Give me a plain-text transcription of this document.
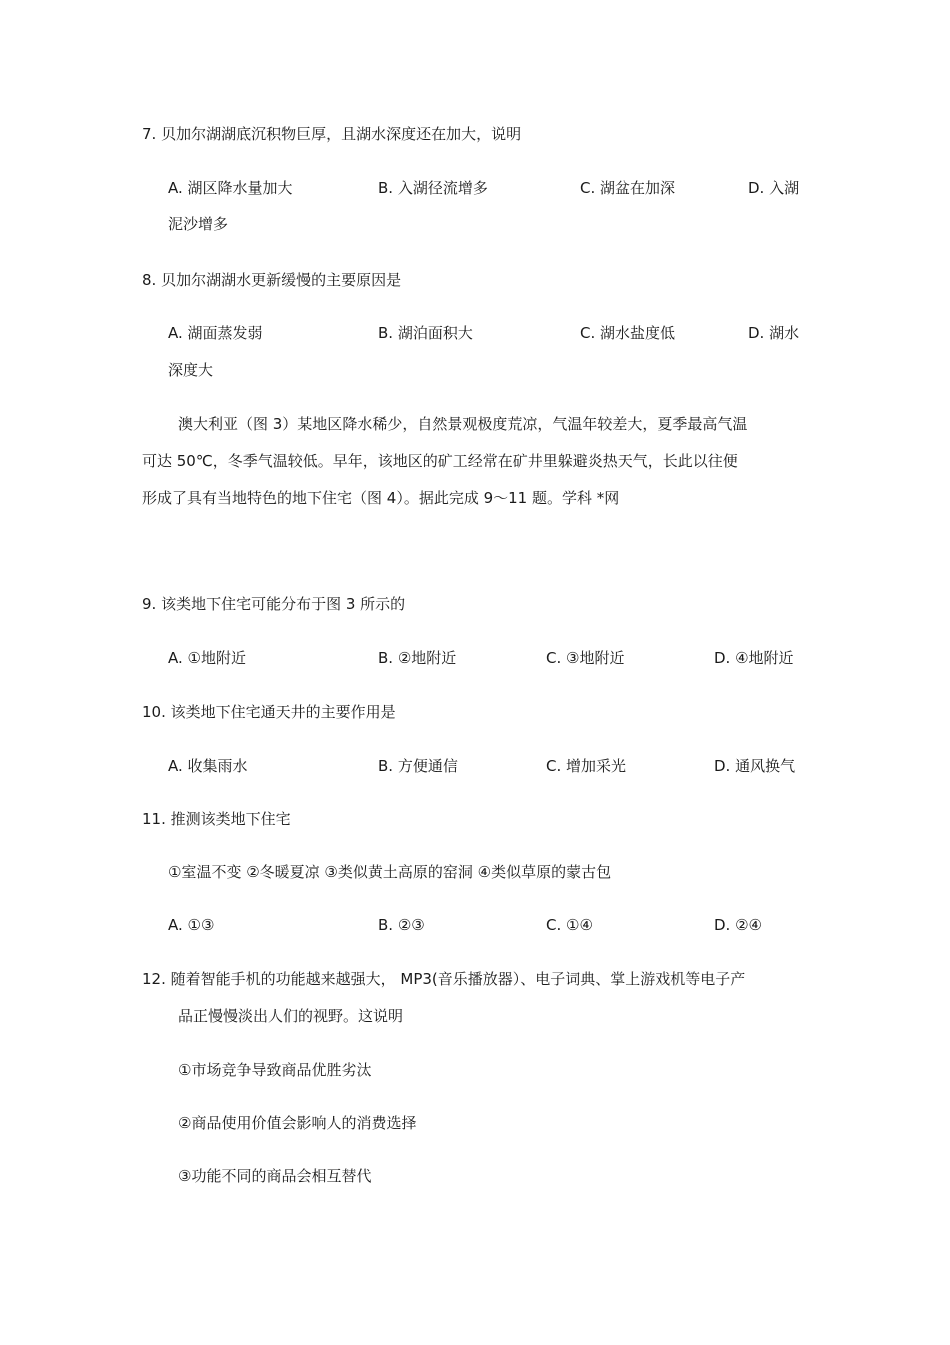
7. 贝加尔湖湖底沉积物巨厚，且湖水深度还在加大，说明
A. 湖区降水量加大	B. 入湖径流增多	C. 湖盆在加深	D. 入湖
泥沙增多
8. 贝加尔湖湖水更新缓慢的主要原因是
A. 湖面蒸发弱	B. 湖泊面积大	C. 湖水盐度低	D. 湖水
深度大
澳大利亚（图 3）某地区降水稀少，自然景观极度荒凉，气温年较差大，夏季最高气温
可达 50℃，冬季气温较低。早年，该地区的矿工经常在矿井里躲避炎热天气，长此以往便
形成了具有当地特色的地下住宅（图 4）。据此完成 9～11 题。学科 *网
9. 该类地下住宅可能分布于图 3 所示的
A. ①地附近	B. ②地附近	C. ③地附近	D. ④地附近
10. 该类地下住宅通天井的主要作用是
A. 收集雨水	B. 方便通信	C. 增加采光	D. 通风换气
11. 推测该类地下住宅
①室温不变 ②冬暖夏凉 ③类似黄土高原的窑洞 ④类似草原的蒙古包
A. ①③	B. ②③	C. ①④	D. ②④
12. 随着智能手机的功能越来越强大， MP3(音乐播放器）、电子词典、掌上游戏机等电子产
品正慢慢淡出人们的视野。这说明
①市场竞争导致商品优胜劣汰
②商品使用价值会影响人的消费选择
③功能不同的商品会相互替代
